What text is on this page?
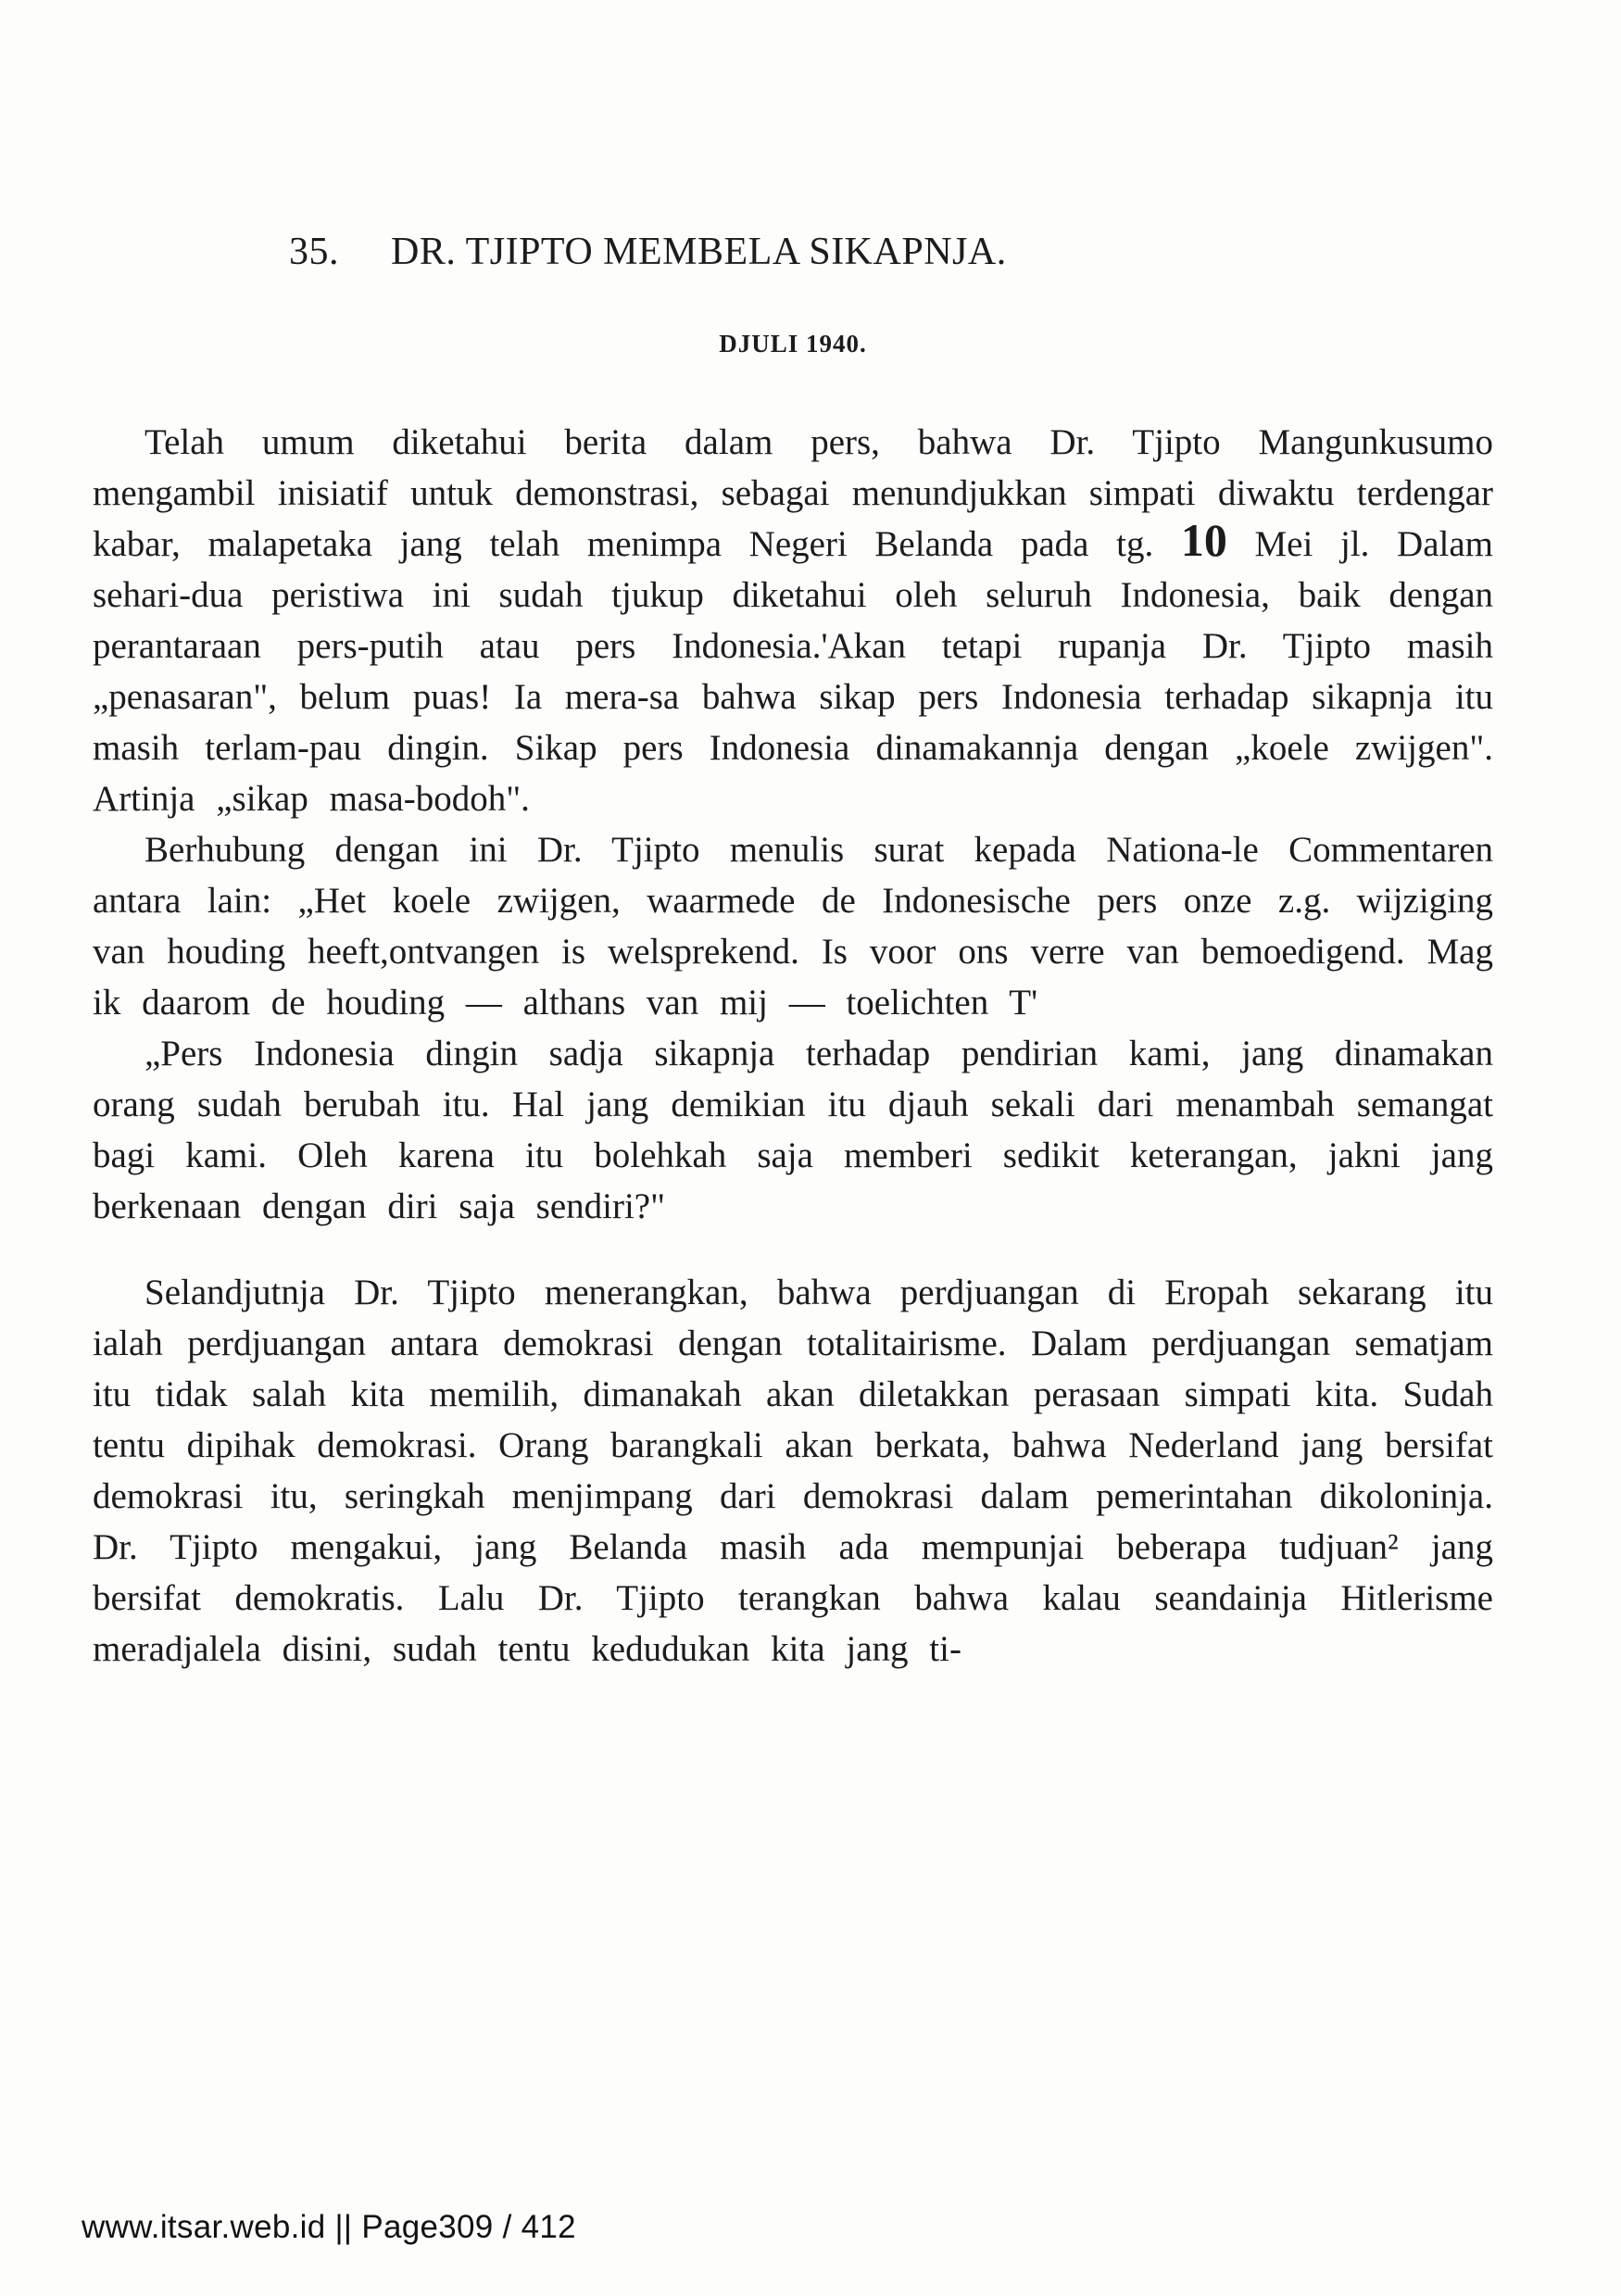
35. DR. TJIPTO MEMBELA SIKAPNJA.
DJULI 1940.

Telah umum diketahui berita dalam pers, bahwa Dr. Tjipto Mangunkusumo mengambil inisiatif untuk demonstrasi, sebagai menundjukkan simpati diwaktu terdengar kabar, malapetaka jang telah menimpa Negeri Belanda pada tg. 10 Mei jl. Dalam sehari-dua peristiwa ini sudah tjukup diketahui oleh seluruh Indonesia, baik dengan perantaraan pers-putih atau pers Indonesia.'Akan tetapi rupanja Dr. Tjipto masih „penasaran", belum puas! Ia mera-sa bahwa sikap pers Indonesia terhadap sikapnja itu masih terlam-pau dingin. Sikap pers Indonesia dinamakannja dengan „koele zwijgen". Artinja „sikap masa-bodoh".

Berhubung dengan ini Dr. Tjipto menulis surat kepada Nationa-le Commentaren antara lain: „Het koele zwijgen, waarmede de Indonesische pers onze z.g. wijziging van houding heeft,ontvangen is welsprekend. Is voor ons verre van bemoedigend. Mag ik daarom de houding — althans van mij — toelichten T'

„Pers Indonesia dingin sadja sikapnja terhadap pendirian kami, jang dinamakan orang sudah berubah itu. Hal jang demikian itu djauh sekali dari menambah semangat bagi kami. Oleh karena itu bolehkah saja memberi sedikit keterangan, jakni jang berkenaan dengan diri saja sendiri?"

Selandjutnja Dr. Tjipto menerangkan, bahwa perdjuangan di Eropah sekarang itu ialah perdjuangan antara demokrasi dengan totalitairisme. Dalam perdjuangan sematjam itu tidak salah kita memilih, dimanakah akan diletakkan perasaan simpati kita. Sudah tentu dipihak demokrasi. Orang barangkali akan berkata, bahwa Nederland jang bersifat demokrasi itu, seringkah menjimpang dari demokrasi dalam pemerintahan dikoloninja. Dr. Tjipto mengakui, jang Belanda masih ada mempunjai beberapa tudjuan² jang bersifat demokratis. Lalu Dr. Tjipto terangkan bahwa kalau seandainja Hitlerisme meradjalela disini, sudah tentu kedudukan kita jang ti-

www.itsar.web.id || Page309 / 412
